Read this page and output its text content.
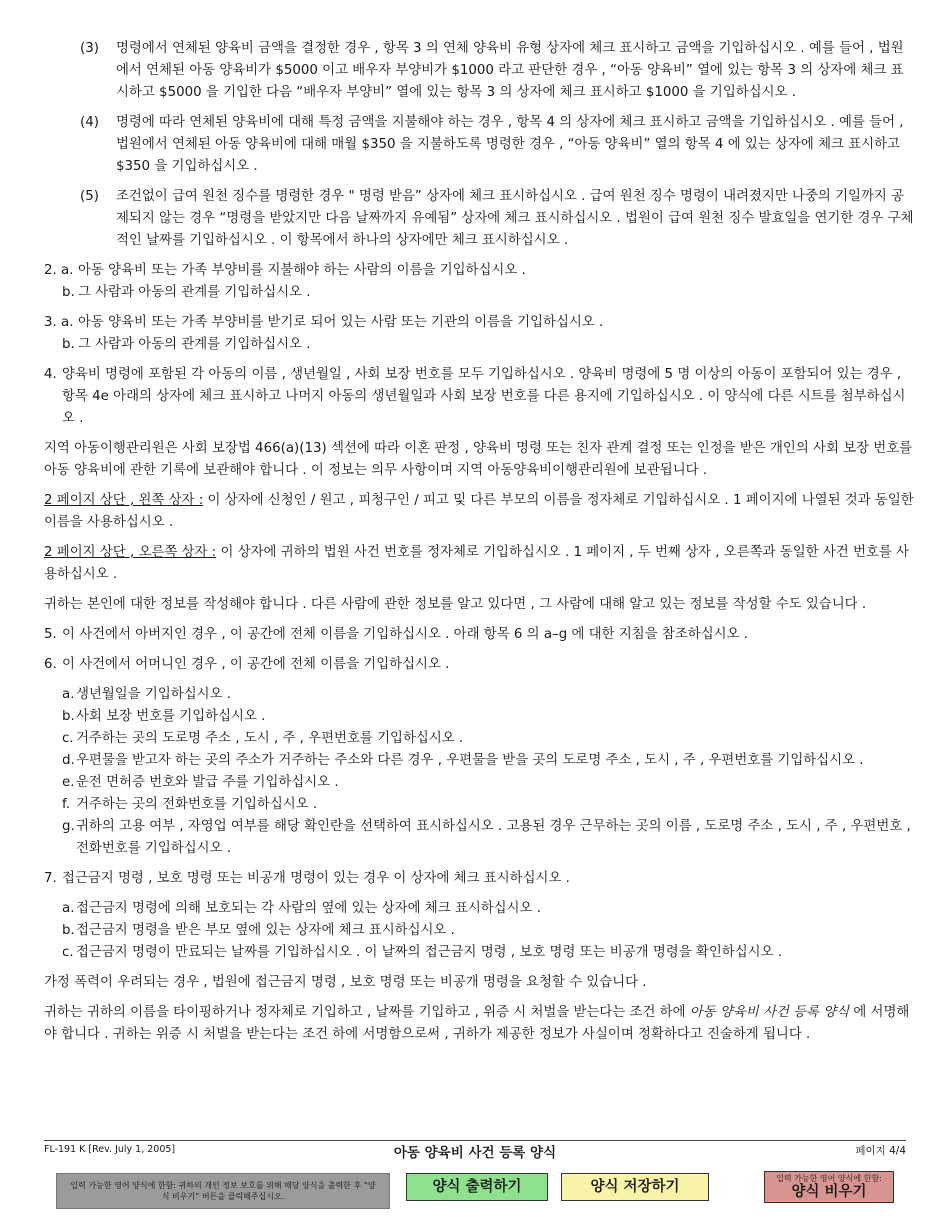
(3)	명령에서 연체된 양육비 금액을 결정한 경우 , 항목 3 의 연체 양육비 유형 상자에 체크 표시하고 금액을 기입하십시오 . 예를 들어 , 법원에서 연체된 아동 양육비가 $5000 이고 배우자 부양비가 $1000 라고 판단한 경우 , “아동 양육비” 열에 있는 항목 3 의 상자에 체크 표시하고 $5000 을 기입한 다음 “배우자 부양비” 열에 있는 항목 3 의 상자에 체크 표시하고 $1000 을 기입하십시오 .
(4)	명령에 따라 연체된 양육비에 대해 특정 금액을 지불해야 하는 경우 , 항목 4 의 상자에 체크 표시하고 금액을 기입하십시오 . 예를 들어 , 법원에서 연체된 아동 양육비에 대해 매월 $350 을 지불하도록 명령한 경우 , “아동 양육비” 열의 항목 4 에 있는 상자에 체크 표시하고 $350 을 기입하십시오 .
(5)	조건없이 급여 원천 징수를 명령한 경우 " 명령 받음” 상자에 체크 표시하십시오 . 급여 원천 징수 명령이 내려졌지만 나중의 기일까지 공제되지 않는 경우 “명령을 받았지만 다음 날짜까지 유예됨” 상자에 체크 표시하십시오 . 법원이 급여 원천 징수 발효일을 연기한 경우 구체적인 날짜를 기입하십시오 . 이 항목에서 하나의 상자에만 체크 표시하십시오 .
2. a. 아동 양육비 또는 가족 부양비를 지불해야 하는 사람의 이름을 기입하십시오 .
b. 그 사람과 아동의 관계를 기입하십시오 .
3. a. 아동 양육비 또는 가족 부양비를 받기로 되어 있는 사람 또는 기관의 이름을 기입하십시오 .
b. 그 사람과 아동의 관계를 기입하십시오 .
4. 양육비 명령에 포함된 각 아동의 이름 , 생년월일 , 사회 보장 번호를 모두 기입하십시오 . 양육비 명령에 5 명 이상의 아동이 포함되어 있는 경우 , 항목 4e 아래의 상자에 체크 표시하고 나머지 아동의 생년월일과 사회 보장 번호를 다른 용지에 기입하십시오 . 이 양식에 다른 시트를 첨부하십시오 .

지역 아동이행관리원은 사회 보장법 466(a)(13) 섹션에 따라 이혼 판정 , 양육비 명령 또는 친자 관계 결정 또는 인정을 받은 개인의 사회 보장 번호를 아동 양육비에 관한 기록에 보관해야 합니다 . 이 정보는 의무 사항이며 지역 아동양육비이행관리원에 보관됩니다 .

2 페이지 상단 , 왼쪽 상자 : 이 상자에 신청인 / 원고 , 피청구인 / 피고 및 다른 부모의 이름을 정자체로 기입하십시오 . 1 페이지에 나열된 것과 동일한 이름을 사용하십시오 .

2 페이지 상단 , 오른쪽 상자 : 이 상자에 귀하의 법원 사건 번호를 정자체로 기입하십시오 . 1 페이지 , 두 번째 상자 , 오른쪽과 동일한 사건 번호를 사용하십시오 .

귀하는 본인에 대한 정보를 작성해야 합니다 . 다른 사람에 관한 정보를 알고 있다면 , 그 사람에 대해 알고 있는 정보를 작성할 수도 있습니다 .

5. 이 사건에서 아버지인 경우 , 이 공간에 전체 이름을 기입하십시오 . 아래 항목 6 의 a–g 에 대한 지침을 참조하십시오 .
6. 이 사건에서 어머니인 경우 , 이 공간에 전체 이름을 기입하십시오 .
a. 생년월일을 기입하십시오 .
b. 사회 보장 번호를 기입하십시오 .
c. 거주하는 곳의 도로명 주소 , 도시 , 주 , 우편번호를 기입하십시오 .
d. 우편물을 받고자 하는 곳의 주소가 거주하는 주소와 다른 경우 , 우편물을 받을 곳의 도로명 주소 , 도시 , 주 , 우편번호를 기입하십시오 .
e. 운전 면허증 번호와 발급 주를 기입하십시오 .
f. 거주하는 곳의 전화번호를 기입하십시오 .
g. 귀하의 고용 여부 , 자영업 여부를 해당 확인란을 선택하여 표시하십시오 . 고용된 경우 근무하는 곳의 이름 , 도로명 주소 , 도시 , 주 , 우편번호 , 전화번호를 기입하십시오 .
7. 접근금지 명령 , 보호 명령 또는 비공개 명령이 있는 경우 이 상자에 체크 표시하십시오 .
a. 접근금지 명령에 의해 보호되는 각 사람의 옆에 있는 상자에 체크 표시하십시오 .
b. 접근금지 명령을 받은 부모 옆에 있는 상자에 체크 표시하십시오 .
c. 접근금지 명령이 만료되는 날짜를 기입하십시오 . 이 날짜의 접근금지 명령 , 보호 명령 또는 비공개 명령을 확인하십시오 .

가정 폭력이 우려되는 경우 , 법원에 접근금지 명령 , 보호 명령 또는 비공개 명령을 요청할 수 있습니다 .

귀하는 귀하의 이름을 타이핑하거나 정자체로 기입하고 , 날짜를 기입하고 , 위증 시 처벌을 받는다는 조건 하에 아동 양육비 사건 등록 양식 에 서명해야 합니다 . 귀하는 위증 시 처벌을 받는다는 조건 하에 서명함으로써 , 귀하가 제공한 정보가 사실이며 정확하다고 진술하게 됩니다 .

FL-191 K [Rev. July 1, 2005]	아동 양육비 사건 등록 양식	페이지 4/4
입력 가능한 영어 양식에 한함: 귀하의 개인 정보 보호를 위해 해당 양식을 출력한 후 “양식 비우기” 버튼을 클릭해주십시오.
양식 출력하기	양식 저장하기
입력 가능한 영어 양식에 한함:
양식 비우기
